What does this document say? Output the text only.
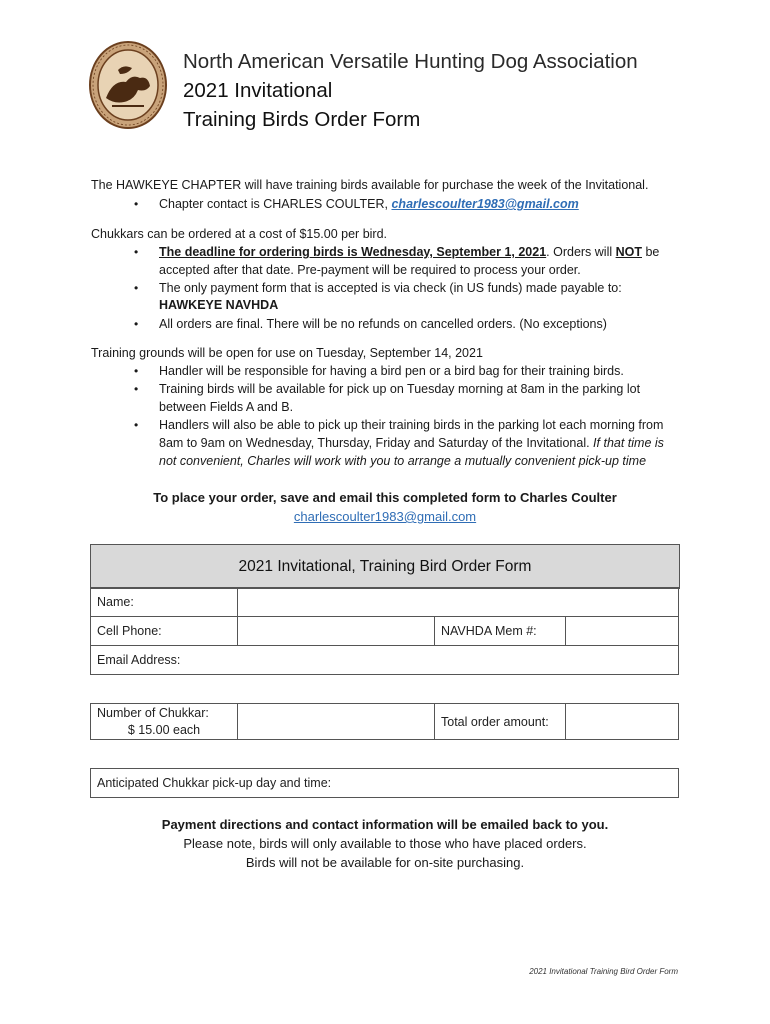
North American Versatile Hunting Dog Association
2021 Invitational
Training Birds Order Form
The HAWKEYE CHAPTER will have training birds available for purchase the week of the Invitational.
• Chapter contact is CHARLES COULTER, charlescoulter1983@gmail.com
Chukkars can be ordered at a cost of $15.00 per bird.
• The deadline for ordering birds is Wednesday, September 1, 2021. Orders will NOT be
accepted after that date. Pre-payment will be required to process your order.
• The only payment form that is accepted is via check (in US funds) made payable to:
HAWKEYE NAVHDA
• All orders are final. There will be no refunds on cancelled orders. (No exceptions)
Training grounds will be open for use on Tuesday, September 14, 2021
• Handler will be responsible for having a bird pen or a bird bag for their training birds.
• Training birds will be available for pick up on Tuesday morning at 8am in the parking lot
between Fields A and B.
• Handlers will also be able to pick up their training birds in the parking lot each morning from
8am to 9am on Wednesday, Thursday, Friday and Saturday of the Invitational. If that time is
not convenient, Charles will work with you to arrange a mutually convenient pick-up time
To place your order, save and email this completed form to Charles Coulter
charlescoulter1983@gmail.com
2021 Invitational, Training Bird Order Form
Name:
Cell Phone:	NAVHDA Mem #:
Email Address:
Number of Chukkar:
$ 15.00 each
Total order amount:
Anticipated Chukkar pick-up day and time:
Payment directions and contact information will be emailed back to you.
Please note, birds will only available to those who have placed orders.
Birds will not be available for on-site purchasing.
2021 Invitational Training Bird Order Form
